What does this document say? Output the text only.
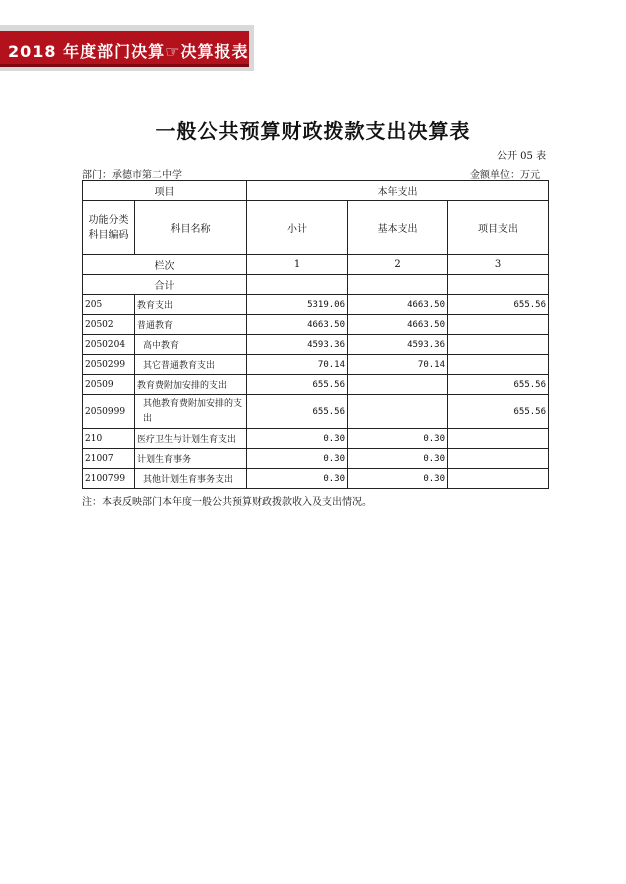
2018 年度部门决算☞决算报表
一般公共预算财政拨款支出决算表
公开 05 表
部门：承德市第二中学	金额单位：万元
项目		本年支出		
功能分类科目编码	科目名称	小计	基本支出	项目支出
栏次		1	2	3
合计				
205	教育支出	5319.06	4663.50	655.56
20502	普通教育	4663.50	4663.50	
2050204	高中教育	4593.36	4593.36	
2050299	其它普通教育支出	70.14	70.14	
20509	教育费附加安排的支出	655.56		655.56
2050999	其他教育费附加安排的支出	655.56		655.56
210	医疗卫生与计划生育支出	0.30	0.30	
21007	计划生育事务	0.30	0.30	
2100799	其他计划生育事务支出	0.30	0.30	
注：本表反映部门本年度一般公共预算财政拨款收入及支出情况。
